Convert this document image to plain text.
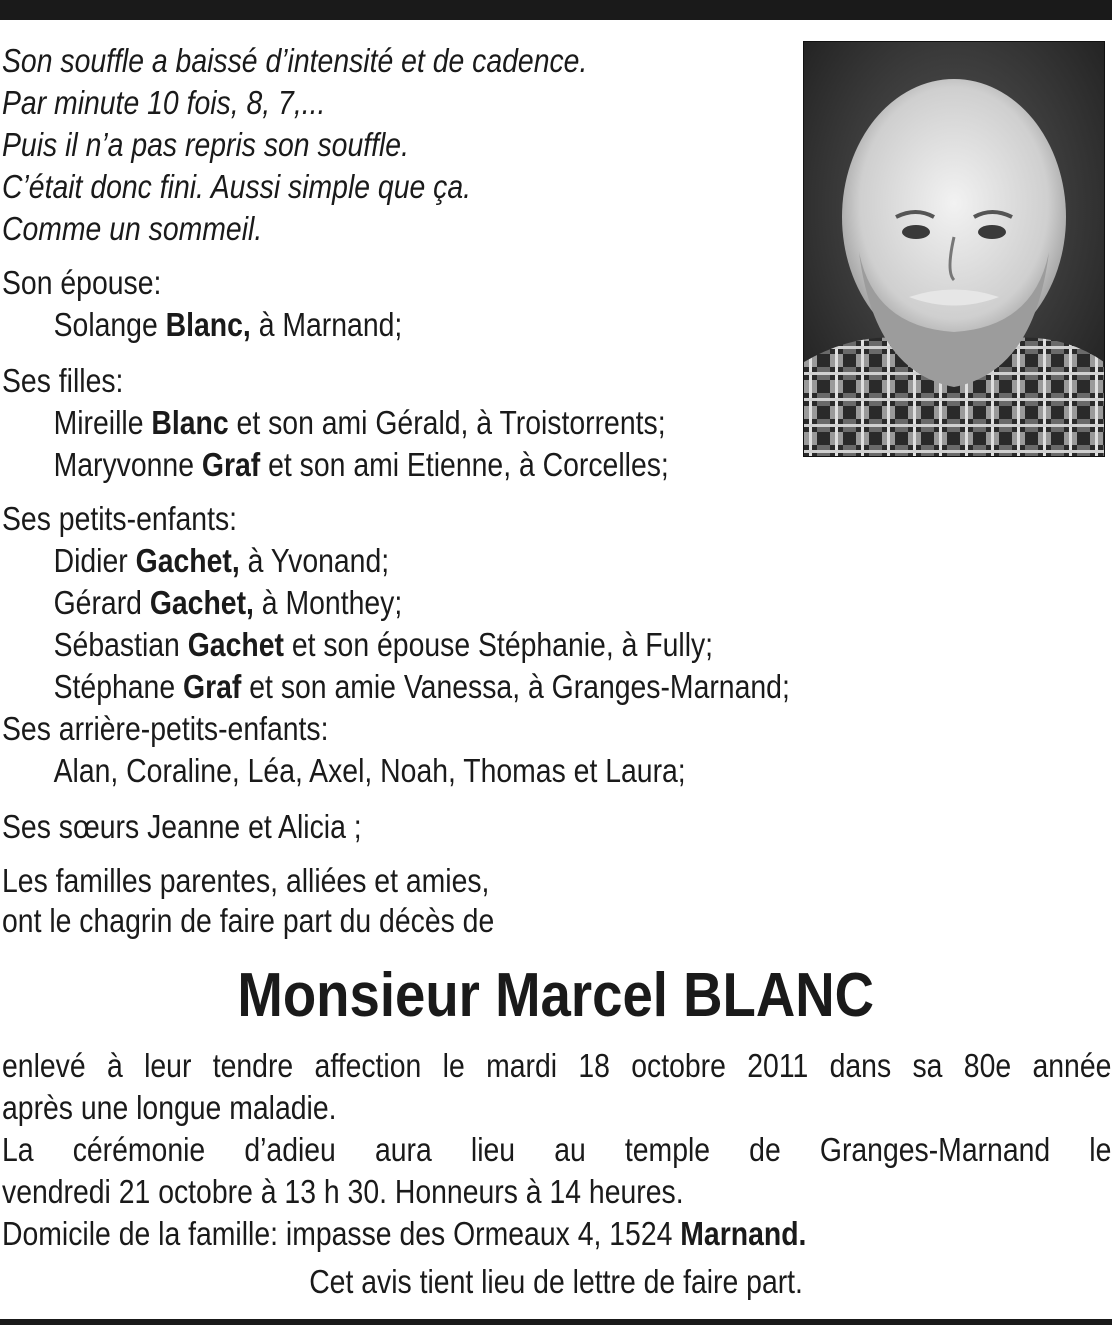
Son souffle a baissé d’intensité et de cadence.
Par minute 10 fois, 8, 7,...
Puis il n’a pas repris son souffle.
C’était donc fini. Aussi simple que ça.
Comme un sommeil.
Son épouse:
Solange Blanc, à Marnand;
Ses filles:
Mireille Blanc et son ami Gérald, à Troistorrents;
Maryvonne Graf et son ami Etienne, à Corcelles;
Ses petits-enfants:
Didier Gachet, à Yvonand;
Gérard Gachet, à Monthey;
Sébastian Gachet et son épouse Stéphanie, à Fully;
Stéphane Graf et son amie Vanessa, à Granges-Marnand;
Ses arrière-petits-enfants:
Alan, Coraline, Léa, Axel, Noah, Thomas et Laura;
Ses sœurs Jeanne et Alicia ;
Les familles parentes, alliées et amies,
ont le chagrin de faire part du décès de
Monsieur Marcel BLANC
enlevé à leur tendre affection le mardi 18 octobre 2011 dans sa 80e année
après une longue maladie.
La cérémonie d’adieu aura lieu au temple de Granges-Marnand le
vendredi 21 octobre à 13 h 30. Honneurs à 14 heures.
Domicile de la famille: impasse des Ormeaux 4, 1524 Marnand.
Cet avis tient lieu de lettre de faire part.
